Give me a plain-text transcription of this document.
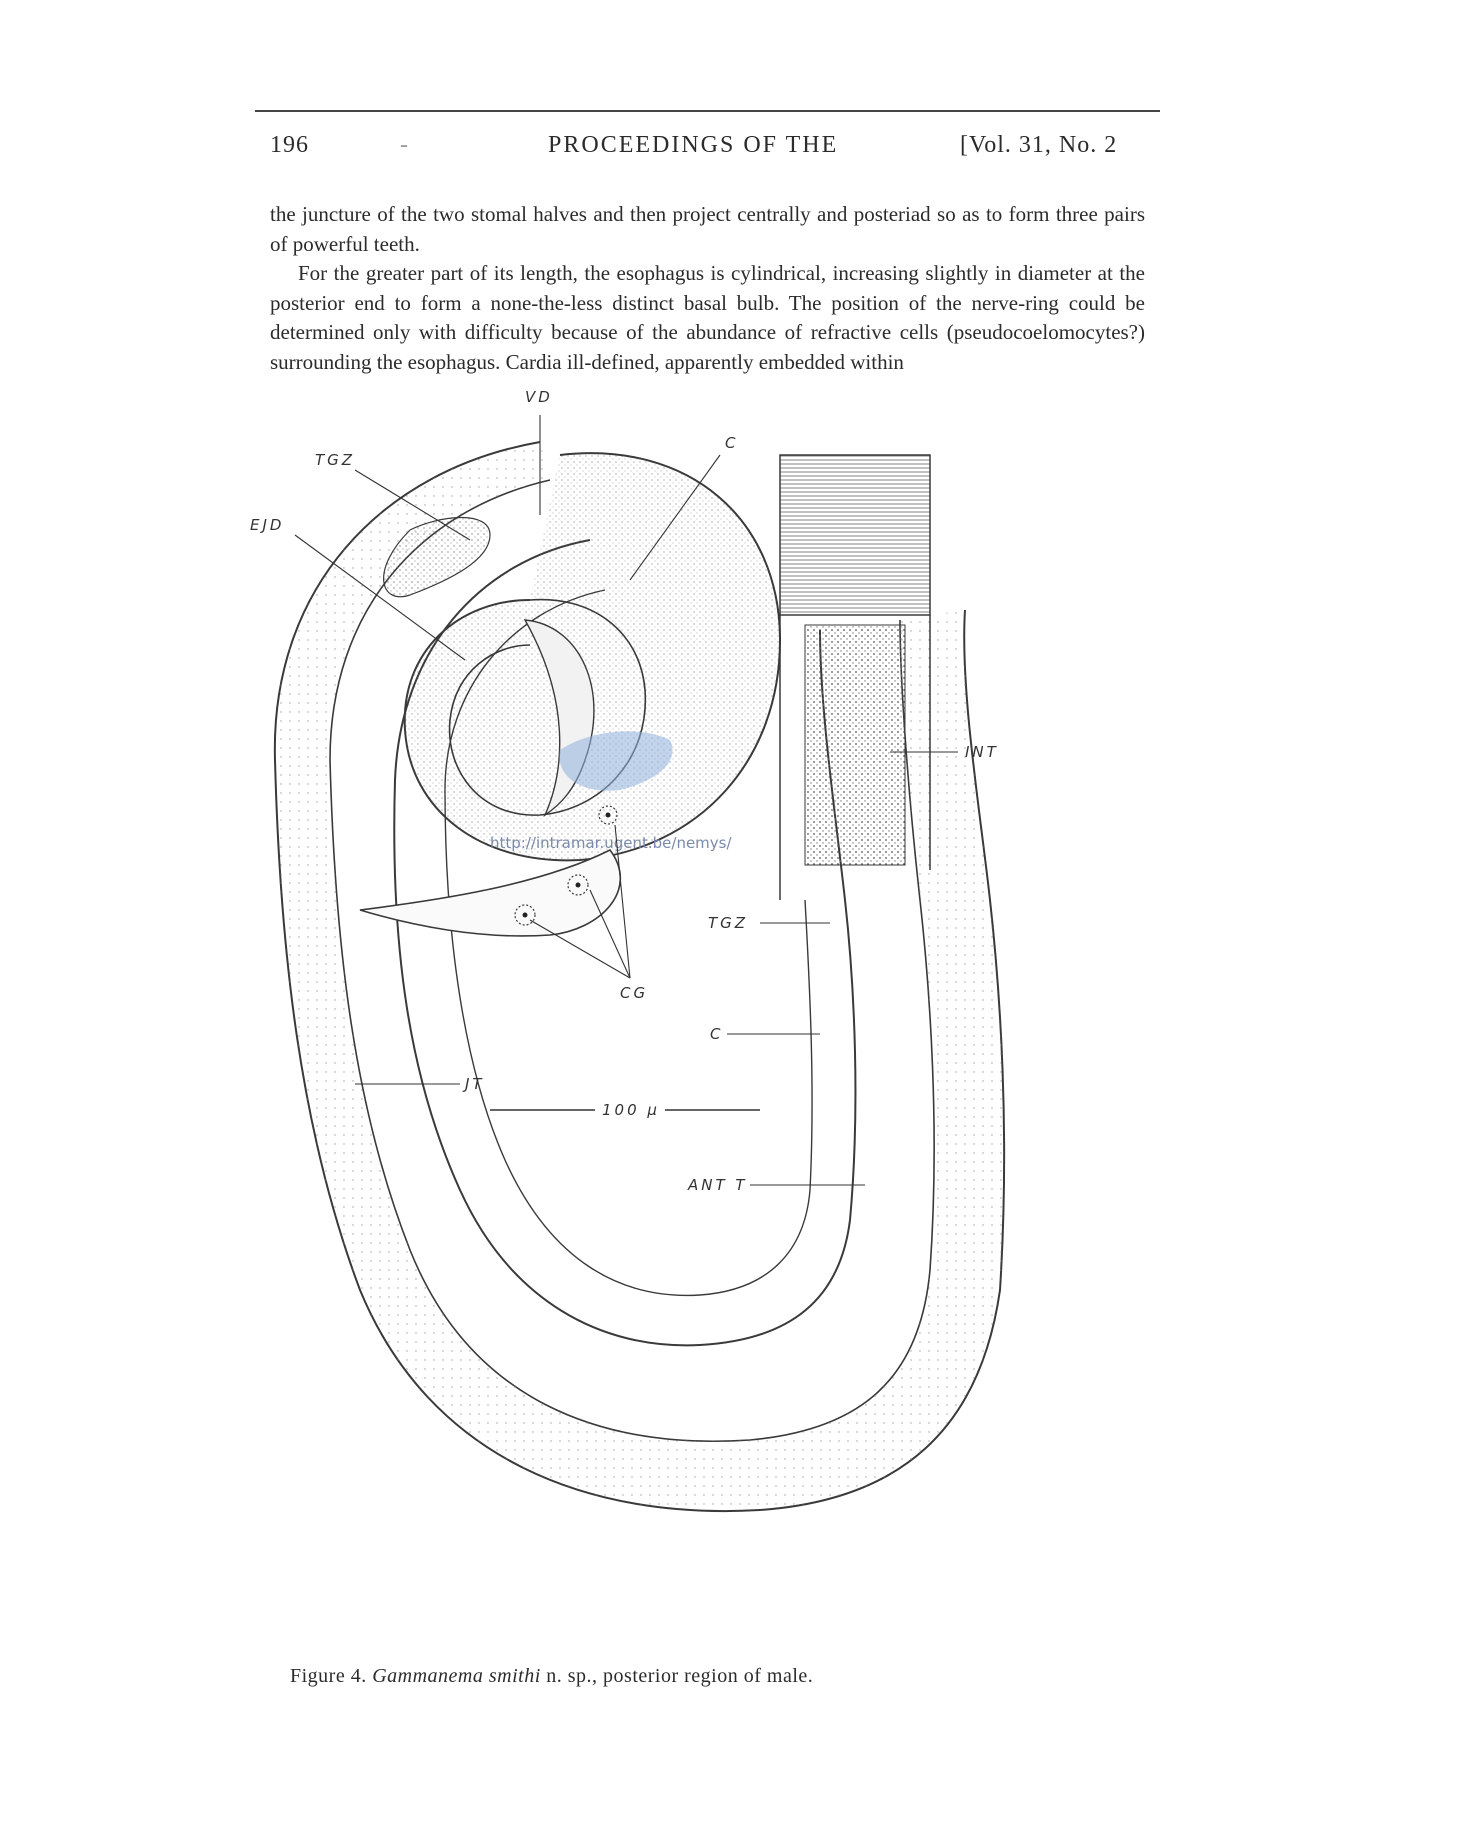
196	-	PROCEEDINGS OF THE	[Vol. 31, No. 2

the juncture of the two stomal halves and then project centrally and posteriad so as to form three pairs of powerful teeth.

For the greater part of its length, the esophagus is cylindrical, increasing slightly in diameter at the posterior end to form a none-the-less distinct basal bulb. The position of the nerve-ring could be determined only with difficulty because of the abundance of refractive cells (pseudocoelomocytes?) surrounding the esophagus. Cardia ill-defined, apparently embedded within

http://intramar.ugent.be/nemys/
VD
C
TGZ
EJD
INT
TGZ
CG
C
JT
100 μ
ANT T
Figure 4. Gammanema smithi n. sp., posterior region of male.
